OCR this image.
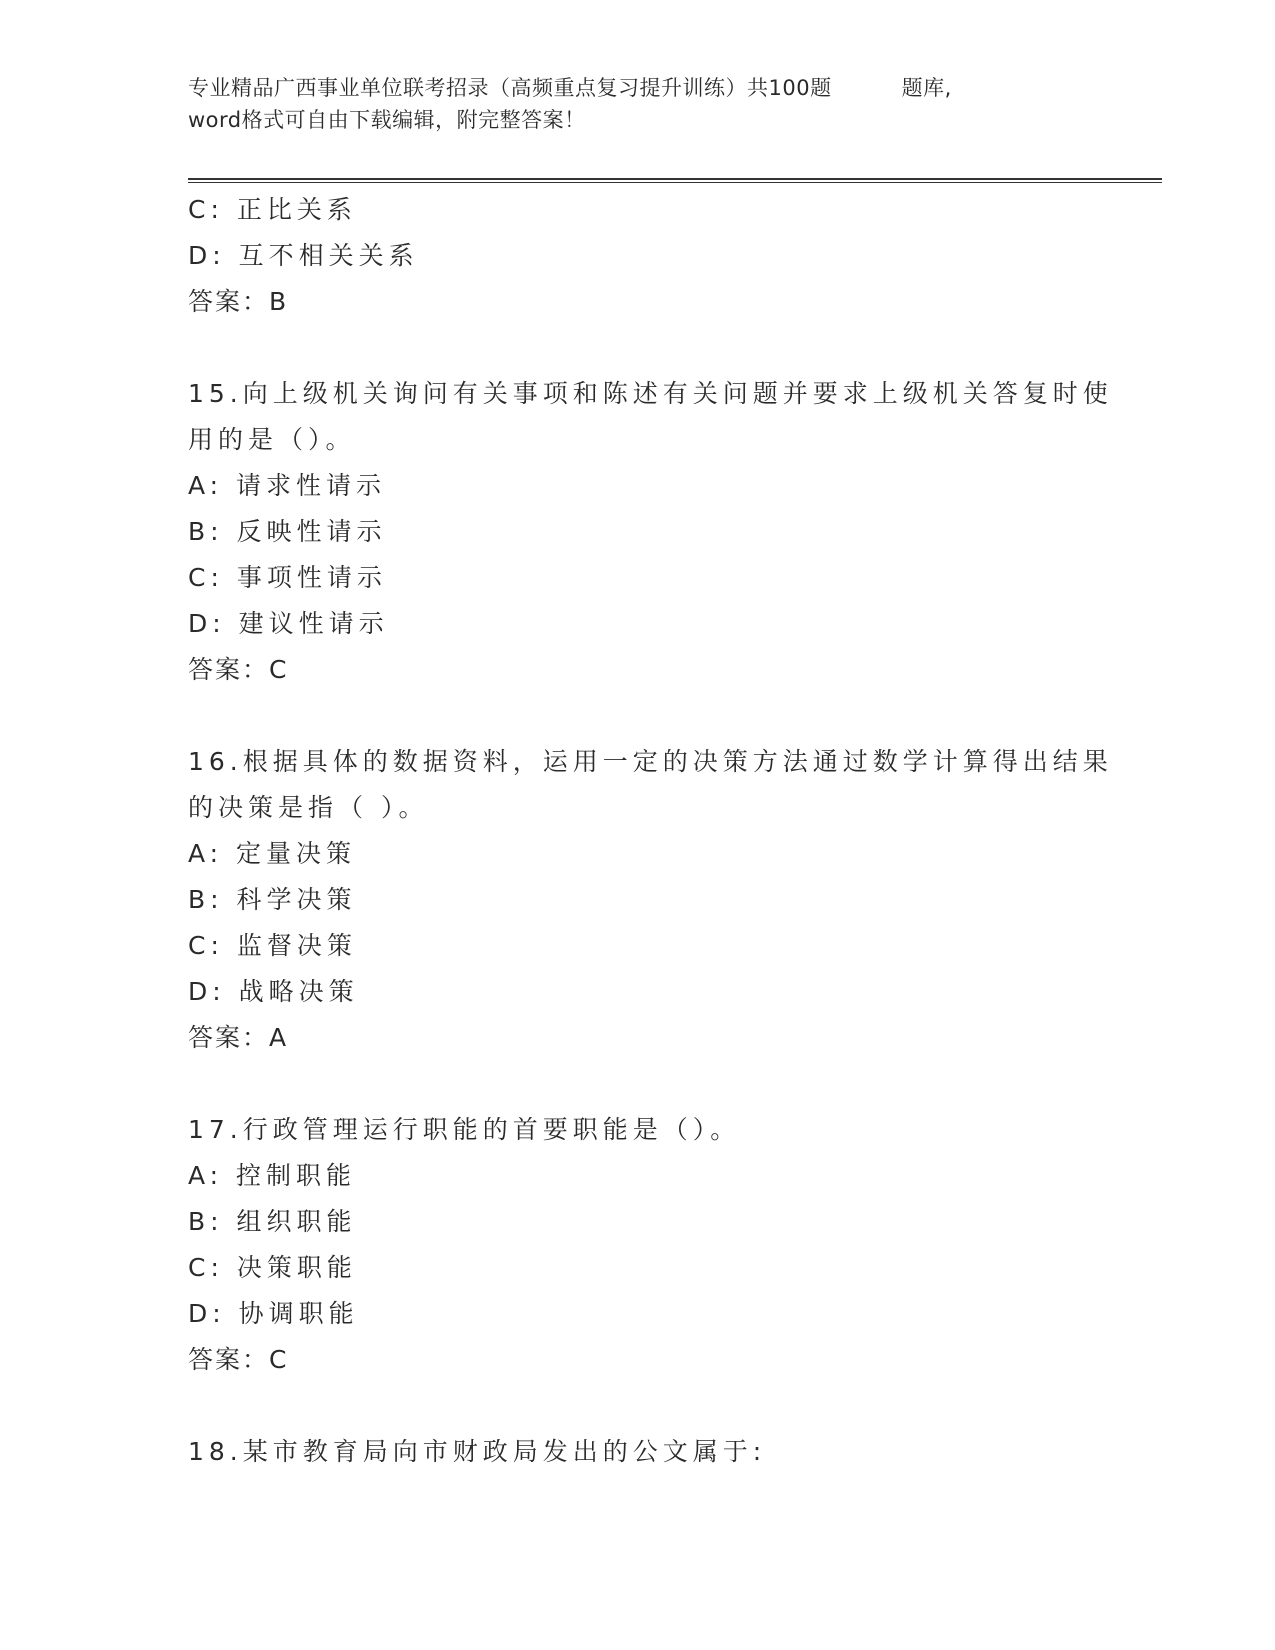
专业精品广西事业单位联考招录（高频重点复习提升训练）共100题	题库,
word格式可自由下载编辑，附完整答案！
C: 正比关系
D: 互不相关关系
答案：B
15.向上级机关询问有关事项和陈述有关问题并要求上级机关答复时使
用的是（）。
A: 请求性请示
B: 反映性请示
C: 事项性请示
D: 建议性请示
答案：C
16.根据具体的数据资料，运用一定的决策方法通过数学计算得出结果
的决策是指（ ）。
A: 定量决策
B: 科学决策
C: 监督决策
D: 战略决策
答案：A
17.行政管理运行职能的首要职能是（）。
A: 控制职能
B: 组织职能
C: 决策职能
D: 协调职能
答案：C
18.某市教育局向市财政局发出的公文属于:
